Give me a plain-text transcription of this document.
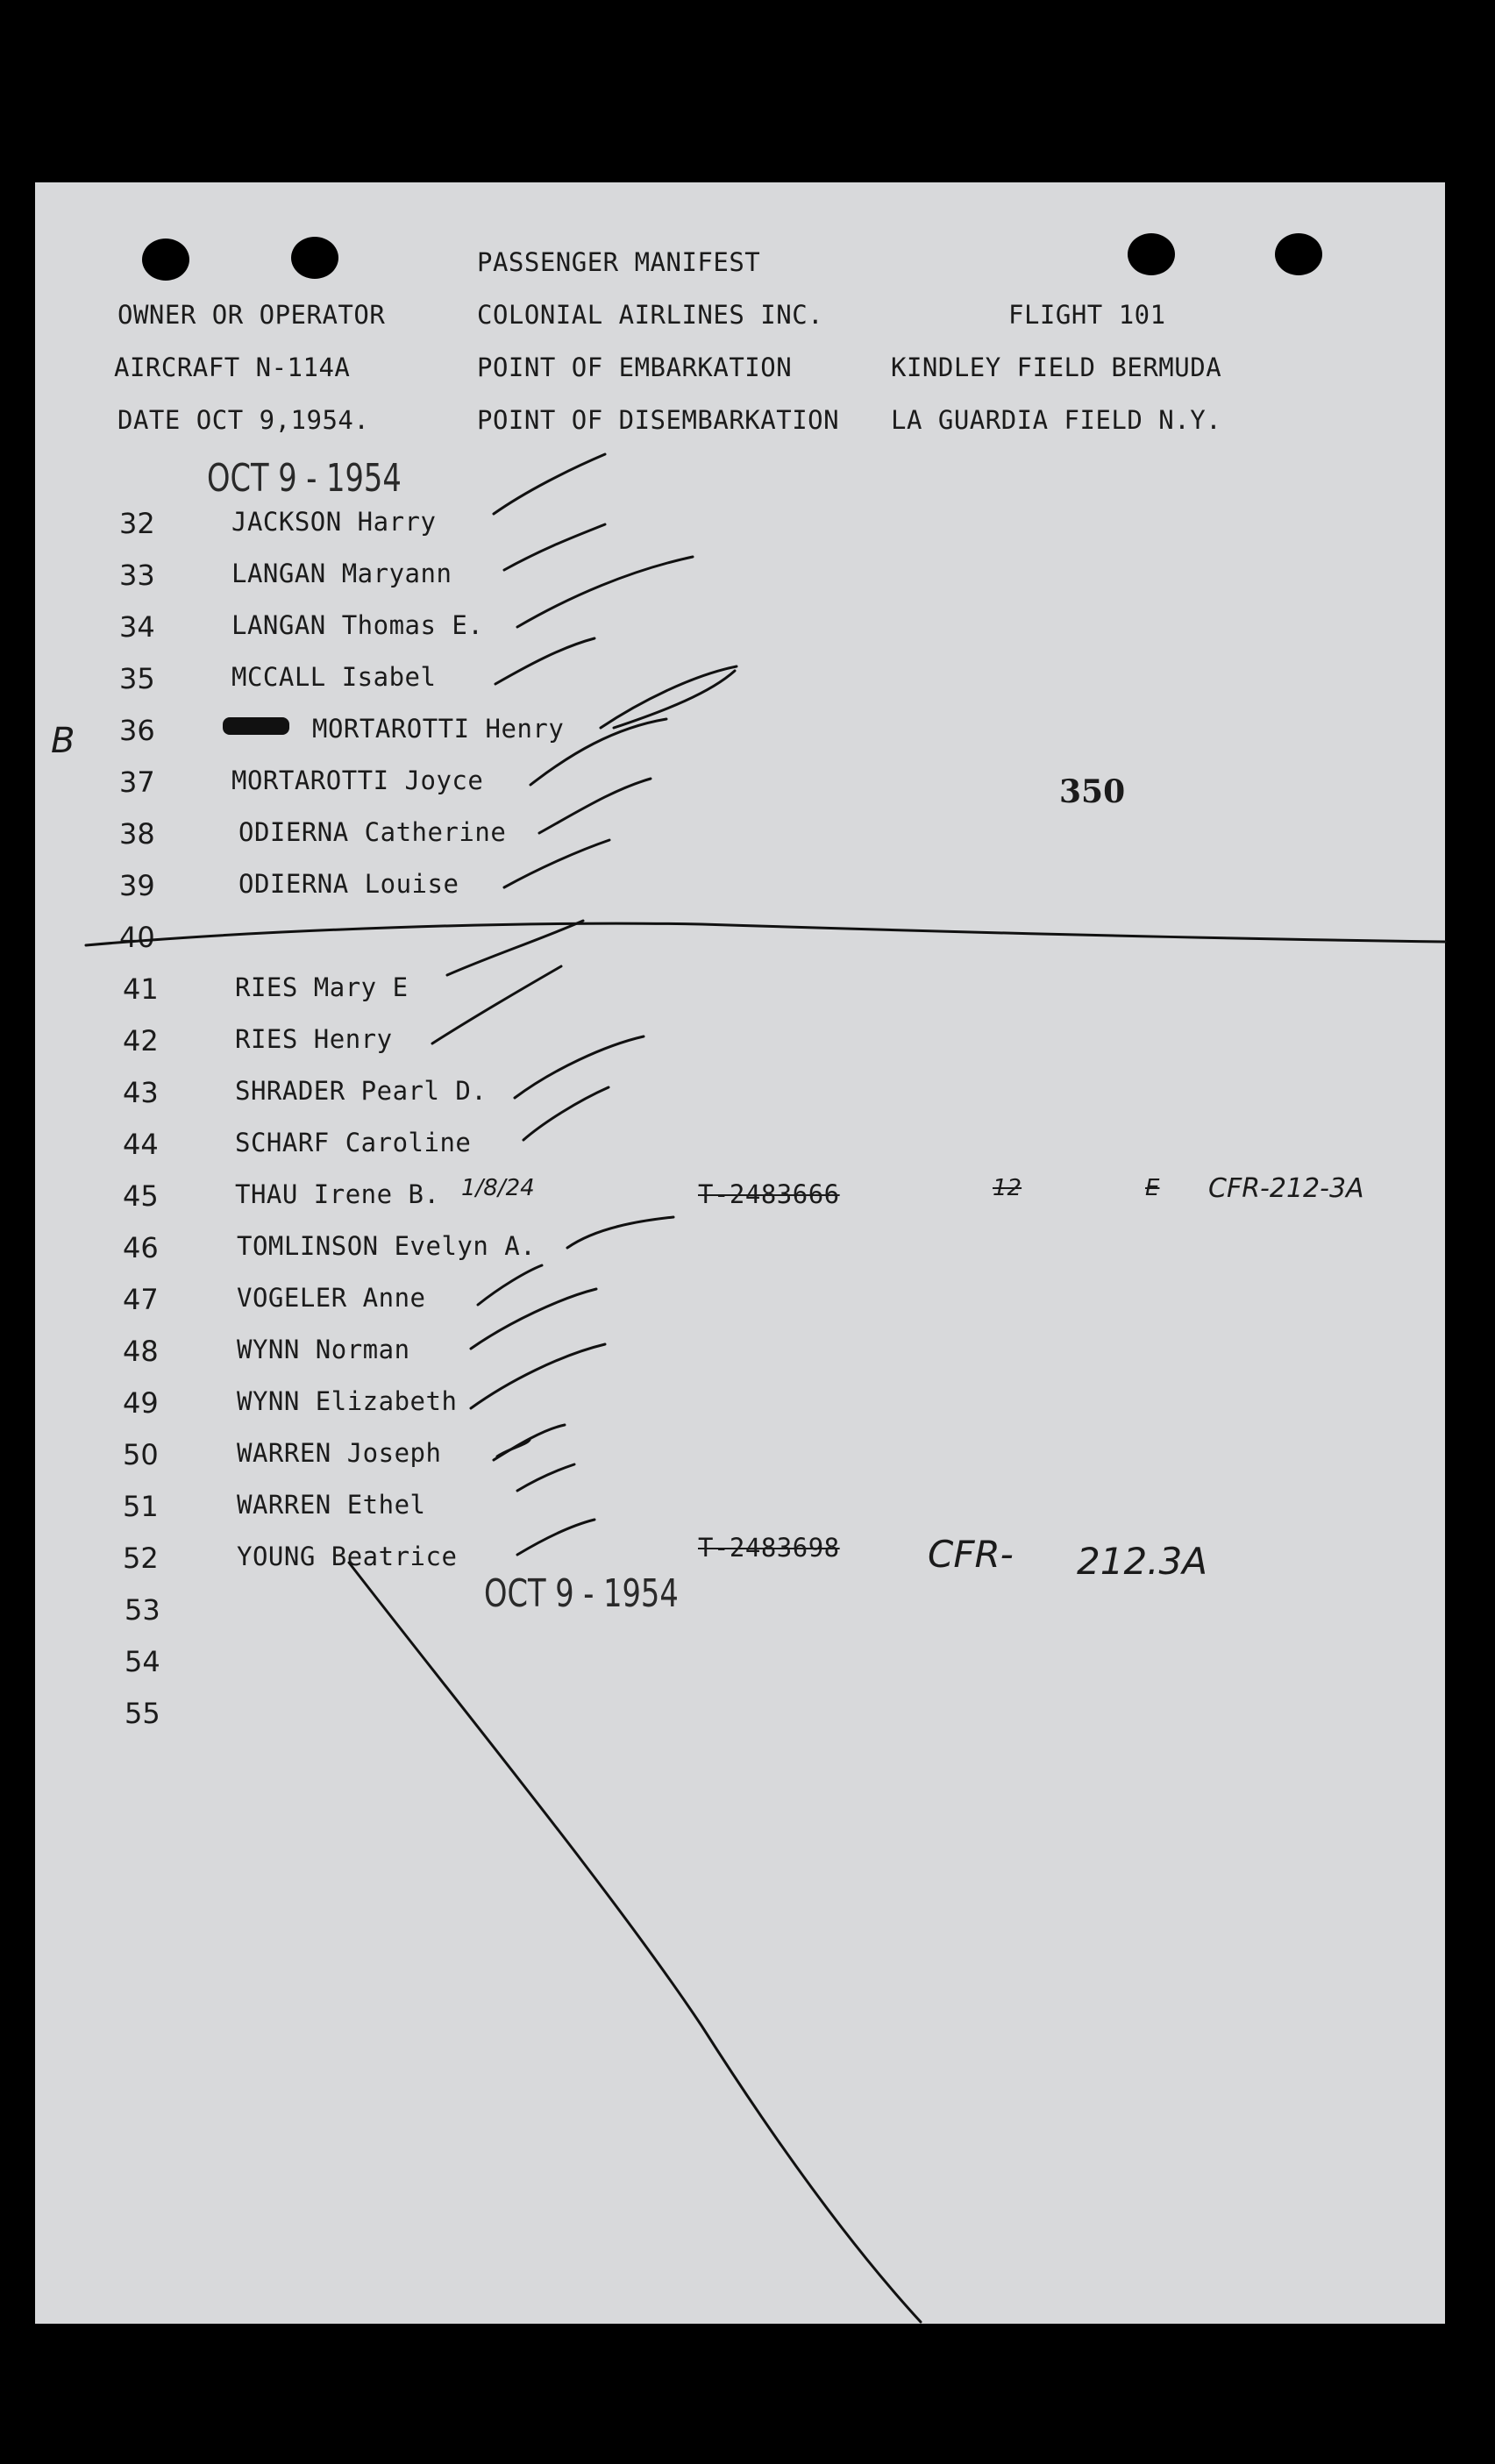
PASSENGER MANIFEST
OWNER OR OPERATOR	COLONIAL AIRLINES INC.	FLIGHT 101
AIRCRAFT N-114A	POINT OF EMBARKATION	KINDLEY FIELD BERMUDA
DATE OCT 9,1954.	POINT OF DISEMBARKATION LA GUARDIA FIELD N.Y.
OCT 9 - 1954
OCT 9 - 1954
350
B
32	JACKSON Harry
33	LANGAN Maryann
34	LANGAN Thomas E.
35	MCCALL Isabel
36	MORTAROTTI Henry
37	MORTAROTTI Joyce
38	ODIERNA Catherine
39	ODIERNA Louise
40
41	RIES Mary E
42	RIES Henry
43	SHRADER Pearl D.
44	SCHARF Caroline
45	THAU Irene B.
46	TOMLINSON Evelyn A.
47	VOGELER Anne
48	WYNN Norman
49	WYNN Elizabeth
50	WARREN Joseph
51	WARREN Ethel
52	YOUNG Beatrice
53
54
55
1/8/24	T-2483666	12	E CFR-212-3A
T-2483698 CFR- 212.3A
